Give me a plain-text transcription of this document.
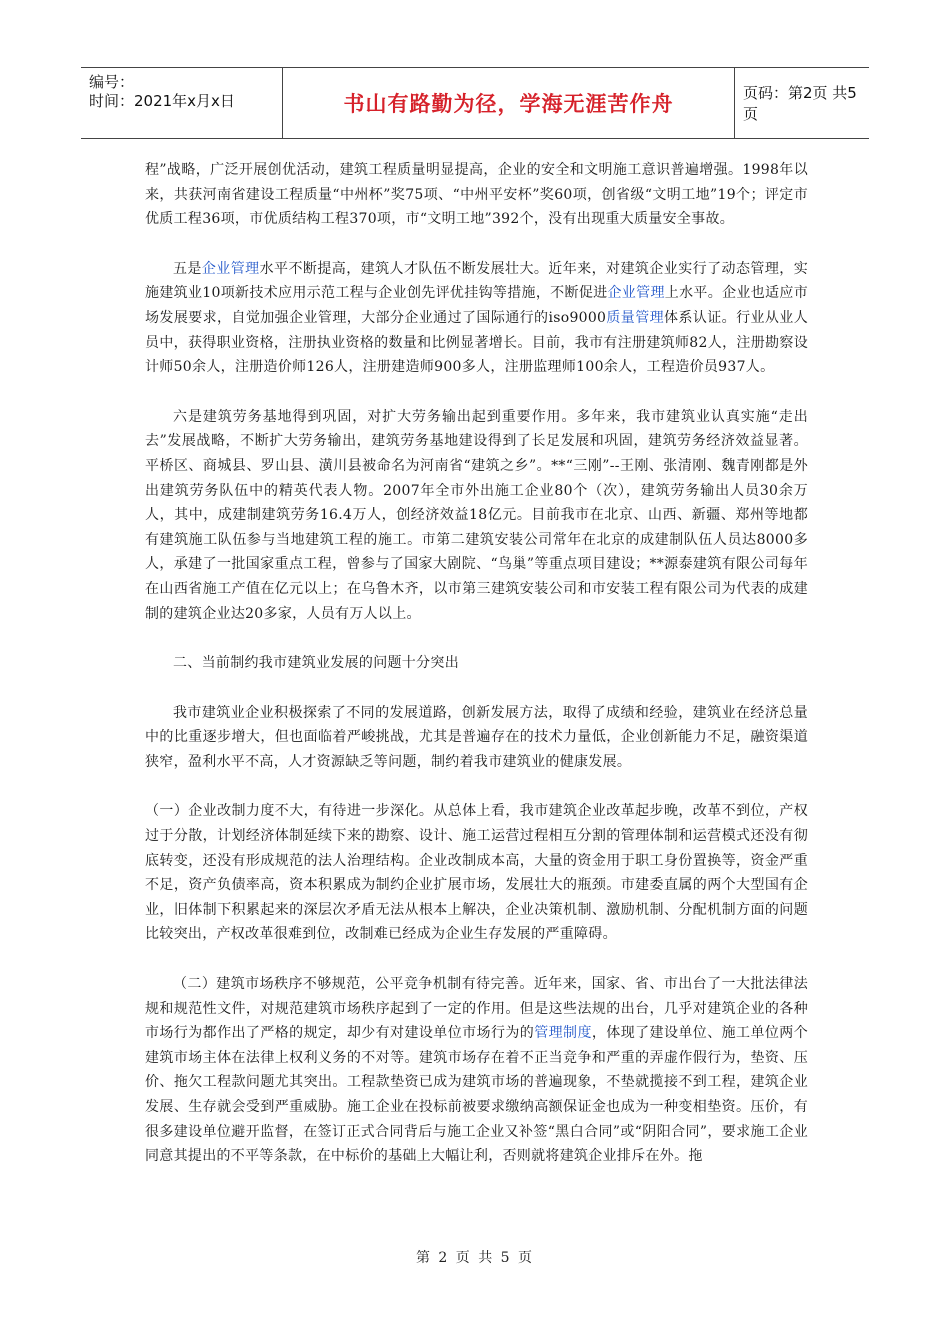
编号：
时间：2021年x月x日	书山有路勤为径，学海无涯苦作舟	页码：第2页 共5页

程”战略，广泛开展创优活动，建筑工程质量明显提高，企业的安全和文明施工意识普遍增强。1998年以来，共获河南省建设工程质量“中州杯”奖75项、“中州平安杯”奖60项，创省级“文明工地”19个；评定市优质工程36项，市优质结构工程370项，市“文明工地”392个，没有出现重大质量安全事故。

五是企业管理水平不断提高，建筑人才队伍不断发展壮大。近年来，对建筑企业实行了动态管理，实施建筑业10项新技术应用示范工程与企业创先评优挂钩等措施，不断促进企业管理上水平。企业也适应市场发展要求，自觉加强企业管理，大部分企业通过了国际通行的iso9000质量管理体系认证。行业从业人员中，获得职业资格，注册执业资格的数量和比例显著增长。目前，我市有注册建筑师82人，注册勘察设计师50余人，注册造价师126人，注册建造师900多人，注册监理师100余人，工程造价员937人。

六是建筑劳务基地得到巩固，对扩大劳务输出起到重要作用。多年来，我市建筑业认真实施“走出去”发展战略，不断扩大劳务输出，建筑劳务基地建设得到了长足发展和巩固，建筑劳务经济效益显著。平桥区、商城县、罗山县、潢川县被命名为河南省“建筑之乡”。**“三刚”--王刚、张清刚、魏青刚都是外出建筑劳务队伍中的精英代表人物。2007年全市外出施工企业80个（次），建筑劳务输出人员30余万人，其中，成建制建筑劳务16.4万人，创经济效益18亿元。目前我市在北京、山西、新疆、郑州等地都有建筑施工队伍参与当地建筑工程的施工。市第二建筑安装公司常年在北京的成建制队伍人员达8000多人，承建了一批国家重点工程，曾参与了国家大剧院、“鸟巢”等重点项目建设；**源泰建筑有限公司每年在山西省施工产值在亿元以上；在乌鲁木齐，以市第三建筑安装公司和市安装工程有限公司为代表的成建制的建筑企业达20多家，人员有万人以上。

二、当前制约我市建筑业发展的问题十分突出

我市建筑业企业积极探索了不同的发展道路，创新发展方法，取得了成绩和经验，建筑业在经济总量中的比重逐步增大，但也面临着严峻挑战，尤其是普遍存在的技术力量低，企业创新能力不足，融资渠道狭窄，盈利水平不高，人才资源缺乏等问题，制约着我市建筑业的健康发展。

（一）企业改制力度不大，有待进一步深化。从总体上看，我市建筑企业改革起步晚，改革不到位，产权过于分散，计划经济体制延续下来的勘察、设计、施工运营过程相互分割的管理体制和运营模式还没有彻底转变，还没有形成规范的法人治理结构。企业改制成本高，大量的资金用于职工身份置换等，资金严重不足，资产负债率高，资本积累成为制约企业扩展市场，发展壮大的瓶颈。市建委直属的两个大型国有企业，旧体制下积累起来的深层次矛盾无法从根本上解决，企业决策机制、激励机制、分配机制方面的问题比较突出，产权改革很难到位，改制难已经成为企业生存发展的严重障碍。

（二）建筑市场秩序不够规范，公平竞争机制有待完善。近年来，国家、省、市出台了一大批法律法规和规范性文件，对规范建筑市场秩序起到了一定的作用。但是这些法规的出台，几乎对建筑企业的各种市场行为都作出了严格的规定，却少有对建设单位市场行为的管理制度，体现了建设单位、施工单位两个建筑市场主体在法律上权利义务的不对等。建筑市场存在着不正当竞争和严重的弄虚作假行为，垫资、压价、拖欠工程款问题尤其突出。工程款垫资已成为建筑市场的普遍现象，不垫就揽接不到工程，建筑企业发展、生存就会受到严重威胁。施工企业在投标前被要求缴纳高额保证金也成为一种变相垫资。压价，有很多建设单位避开监督，在签订正式合同背后与施工企业又补签“黑白合同”或“阴阳合同”，要求施工企业同意其提出的不平等条款，在中标价的基础上大幅让利，否则就将建筑企业排斥在外。拖

第 2 页 共 5 页
